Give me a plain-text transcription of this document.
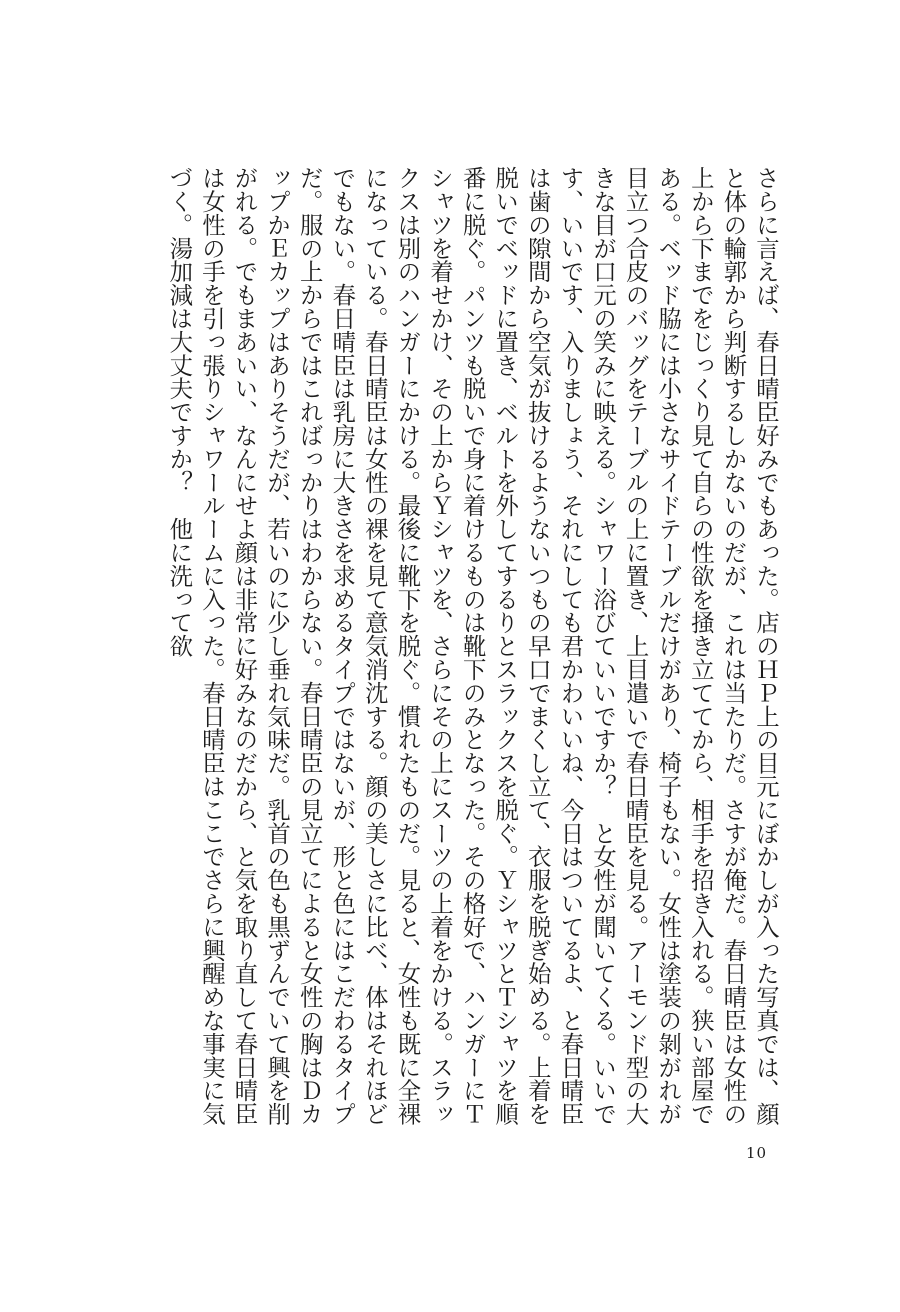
さらに言えば、春日晴臣好みでもあった。店のＨＰ上の目元にぼかしが入った写真では、顔と体の輪郭から判断するしかないのだが、これは当たりだ。さすが俺だ。春日晴臣は女性の上から下までをじっくり見て自らの性欲を掻き立ててから、相手を招き入れる。狭い部屋である。ベッド脇には小さなサイドテーブルだけがあり、椅子もない。女性は塗装の剝がれが目立つ合皮のバッグをテーブルの上に置き、上目遣いで春日晴臣を見る。アーモンド型の大きな目が口元の笑みに映える。シャワー浴びていいですか？　と女性が聞いてくる。いいです、いいです、入りましょう、それにしても君かわいいね、今日はついてるよ、と春日晴臣は歯の隙間から空気が抜けるようないつもの早口でまくし立て、衣服を脱ぎ始める。上着を脱いでベッドに置き、ベルトを外してするりとスラックスを脱ぐ。ＹシャツとＴシャツを順番に脱ぐ。パンツも脱いで身に着けるものは靴下のみとなった。その格好で、ハンガーにＴシャツを着せかけ、その上からＹシャツを、さらにその上にスーツの上着をかける。スラックスは別のハンガーにかける。最後に靴下を脱ぐ。慣れたものだ。見ると、女性も既に全裸になっている。春日晴臣は女性の裸を見て意気消沈する。顔の美しさに比べ、体はそれほどでもない。春日晴臣は乳房に大きさを求めるタイプではないが、形と色にはこだわるタイプだ。服の上からではこればっかりはわからない。春日晴臣の見立てによると女性の胸はＤカップかＥカップはありそうだが、若いのに少し垂れ気味だ。乳首の色も黒ずんでいて興を削がれる。でもまあいい、なんにせよ顔は非常に好みなのだから、と気を取り直して春日晴臣は女性の手を引っ張りシャワールームに入った。春日晴臣はここでさらに興醒めな事実に気づく。湯加減は大丈夫ですか？　他に洗って欲

10
